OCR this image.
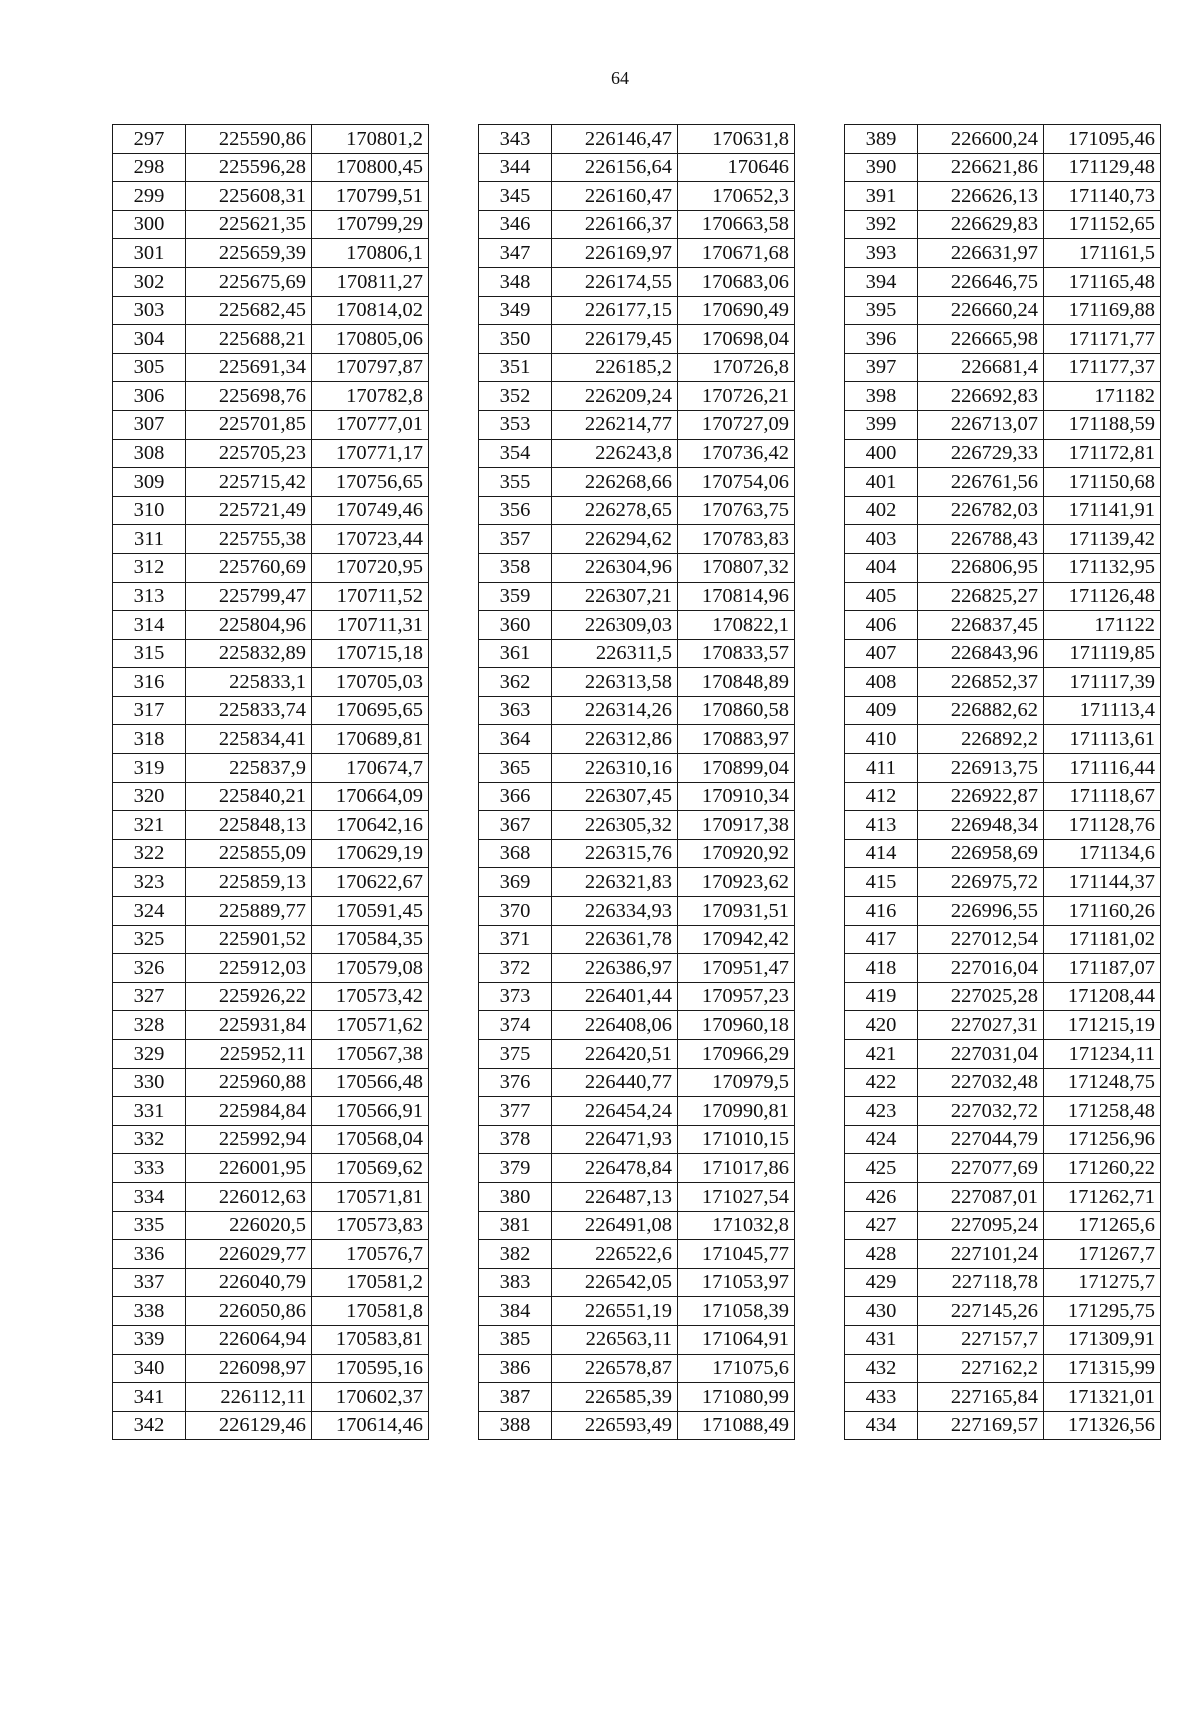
64
297	225590,86	170801,2
298	225596,28	170800,45
299	225608,31	170799,51
300	225621,35	170799,29
301	225659,39	170806,1
302	225675,69	170811,27
303	225682,45	170814,02
304	225688,21	170805,06
305	225691,34	170797,87
306	225698,76	170782,8
307	225701,85	170777,01
308	225705,23	170771,17
309	225715,42	170756,65
310	225721,49	170749,46
311	225755,38	170723,44
312	225760,69	170720,95
313	225799,47	170711,52
314	225804,96	170711,31
315	225832,89	170715,18
316	225833,1	170705,03
317	225833,74	170695,65
318	225834,41	170689,81
319	225837,9	170674,7
320	225840,21	170664,09
321	225848,13	170642,16
322	225855,09	170629,19
323	225859,13	170622,67
324	225889,77	170591,45
325	225901,52	170584,35
326	225912,03	170579,08
327	225926,22	170573,42
328	225931,84	170571,62
329	225952,11	170567,38
330	225960,88	170566,48
331	225984,84	170566,91
332	225992,94	170568,04
333	226001,95	170569,62
334	226012,63	170571,81
335	226020,5	170573,83
336	226029,77	170576,7
337	226040,79	170581,2
338	226050,86	170581,8
339	226064,94	170583,81
340	226098,97	170595,16
341	226112,11	170602,37
342	226129,46	170614,46
343	226146,47	170631,8
344	226156,64	170646
345	226160,47	170652,3
346	226166,37	170663,58
347	226169,97	170671,68
348	226174,55	170683,06
349	226177,15	170690,49
350	226179,45	170698,04
351	226185,2	170726,8
352	226209,24	170726,21
353	226214,77	170727,09
354	226243,8	170736,42
355	226268,66	170754,06
356	226278,65	170763,75
357	226294,62	170783,83
358	226304,96	170807,32
359	226307,21	170814,96
360	226309,03	170822,1
361	226311,5	170833,57
362	226313,58	170848,89
363	226314,26	170860,58
364	226312,86	170883,97
365	226310,16	170899,04
366	226307,45	170910,34
367	226305,32	170917,38
368	226315,76	170920,92
369	226321,83	170923,62
370	226334,93	170931,51
371	226361,78	170942,42
372	226386,97	170951,47
373	226401,44	170957,23
374	226408,06	170960,18
375	226420,51	170966,29
376	226440,77	170979,5
377	226454,24	170990,81
378	226471,93	171010,15
379	226478,84	171017,86
380	226487,13	171027,54
381	226491,08	171032,8
382	226522,6	171045,77
383	226542,05	171053,97
384	226551,19	171058,39
385	226563,11	171064,91
386	226578,87	171075,6
387	226585,39	171080,99
388	226593,49	171088,49
389	226600,24	171095,46
390	226621,86	171129,48
391	226626,13	171140,73
392	226629,83	171152,65
393	226631,97	171161,5
394	226646,75	171165,48
395	226660,24	171169,88
396	226665,98	171171,77
397	226681,4	171177,37
398	226692,83	171182
399	226713,07	171188,59
400	226729,33	171172,81
401	226761,56	171150,68
402	226782,03	171141,91
403	226788,43	171139,42
404	226806,95	171132,95
405	226825,27	171126,48
406	226837,45	171122
407	226843,96	171119,85
408	226852,37	171117,39
409	226882,62	171113,4
410	226892,2	171113,61
411	226913,75	171116,44
412	226922,87	171118,67
413	226948,34	171128,76
414	226958,69	171134,6
415	226975,72	171144,37
416	226996,55	171160,26
417	227012,54	171181,02
418	227016,04	171187,07
419	227025,28	171208,44
420	227027,31	171215,19
421	227031,04	171234,11
422	227032,48	171248,75
423	227032,72	171258,48
424	227044,79	171256,96
425	227077,69	171260,22
426	227087,01	171262,71
427	227095,24	171265,6
428	227101,24	171267,7
429	227118,78	171275,7
430	227145,26	171295,75
431	227157,7	171309,91
432	227162,2	171315,99
433	227165,84	171321,01
434	227169,57	171326,56
